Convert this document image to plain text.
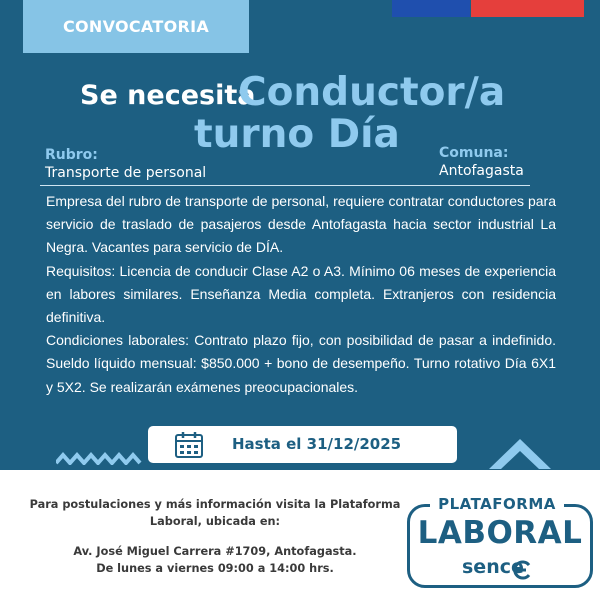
CONVOCATORIA
Se necesita
Conductor/a
turno Día
Rubro:
Transporte de personal
Comuna:
Antofagasta

Empresa del rubro de transporte de personal, requiere contratar conductores para servicio de traslado de pasajeros desde Antofagasta hacia sector industrial La Negra. Vacantes para servicio de DÍA.

Requisitos: Licencia de conducir Clase A2 o A3. Mínimo 06 meses de experiencia en labores similares. Enseñanza Media completa. Extranjeros con residencia definitiva.

Condiciones laborales: Contrato plazo fijo, con posibilidad de pasar a indefinido. Sueldo líquido mensual: $850.000 + bono de desempeño. Turno rotativo Día 6X1 y 5X2. Se realizarán exámenes preocupacionales.

Hasta el 31/12/2025
Para postulaciones y más información visita la Plataforma
Laboral, ubicada en:
Av. José Miguel Carrera #1709, Antofagasta.
De lunes a viernes 09:00 a 14:00 hrs.
PLATAFORMA
LABORAL
sence
